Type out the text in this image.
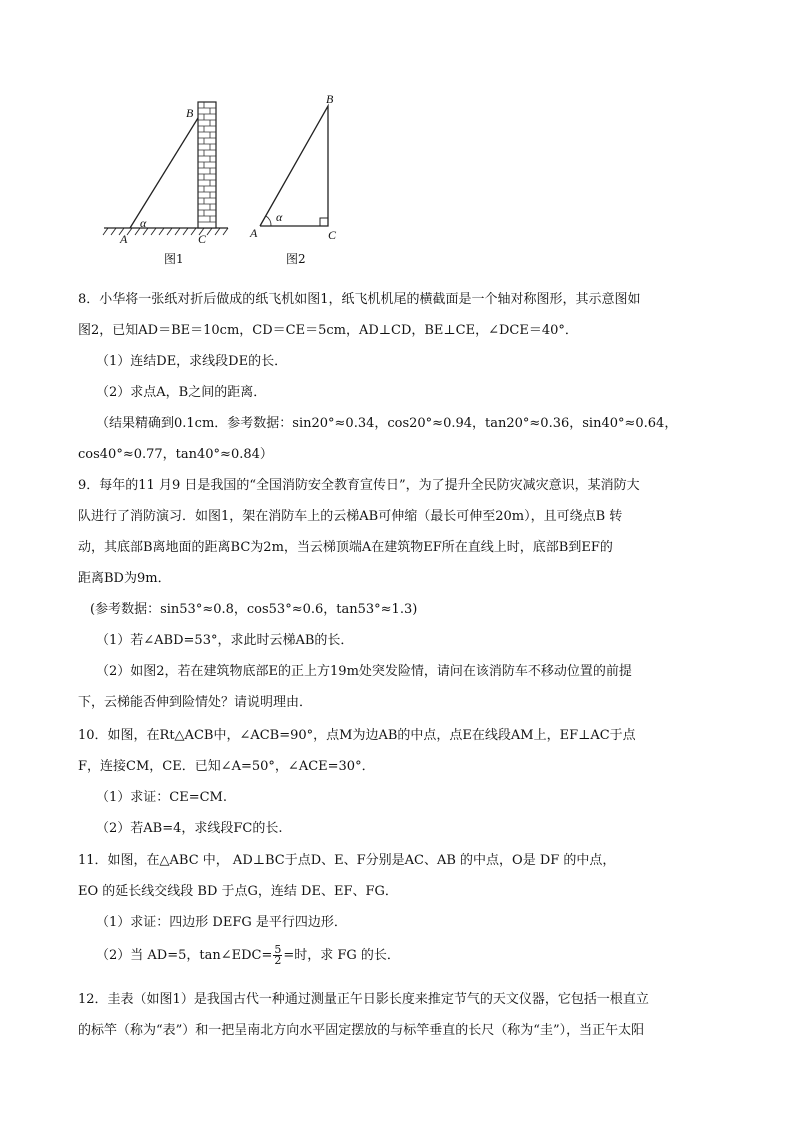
B
α
A	C
图1
B
α
A	C
图2
8．小华将一张纸对折后做成的纸飞机如图1，纸飞机机尾的横截面是一个轴对称图形，其示意图如
图2，已知AD＝BE＝10cm，CD＝CE＝5cm，AD⊥CD，BE⊥CE，∠DCE＝40°．
（1）连结DE，求线段DE的长．
（2）求点A，B之间的距离．
（结果精确到0.1cm．参考数据：sin20°≈0.34，cos20°≈0.94，tan20°≈0.36，sin40°≈0.64，
cos40°≈0.77，tan40°≈0.84）
9．每年的11 月9 日是我国的“全国消防安全教育宣传日”，为了提升全民防灾减灾意识，某消防大
队进行了消防演习．如图1，架在消防车上的云梯AB可伸缩（最长可伸至20m），且可绕点B 转
动，其底部B离地面的距离BC为2m，当云梯顶端A在建筑物EF所在直线上时，底部B到EF的
距离BD为9m．
(参考数据：sin53°≈0.8，cos53°≈0.6，tan53°≈1.3)
（1）若∠ABD=53°，求此时云梯AB的长．
（2）如图2，若在建筑物底部E的正上方19m处突发险情，请问在该消防车不移动位置的前提
下，云梯能否伸到险情处？请说明理由．
10．如图，在Rt△ACB中，∠ACB=90°，点M为边AB的中点，点E在线段AM上，EF⊥AC于点
F，连接CM，CE．已知∠A=50°，∠ACE=30°．
（1）求证：CE=CM.
（2）若AB=4，求线段FC的长.
11．如图，在△ABC 中， AD⊥BC于点D、E、F分别是AC、AB 的中点，O是 DF 的中点，
EO 的延长线交线段 BD 于点G，连结 DE、EF、FG．
（1）求证：四边形 DEFG 是平行四边形．
（2）当 AD=5，tan∠EDC= $\frac{5}{2}$ =时，求 FG 的长．
12．圭表（如图1）是我国古代一种通过测量正午日影长度来推定节气的天文仪器，它包括一根直立
的标竿（称为“表”）和一把呈南北方向水平固定摆放的与标竿垂直的长尺（称为“圭”），当正午太阳
